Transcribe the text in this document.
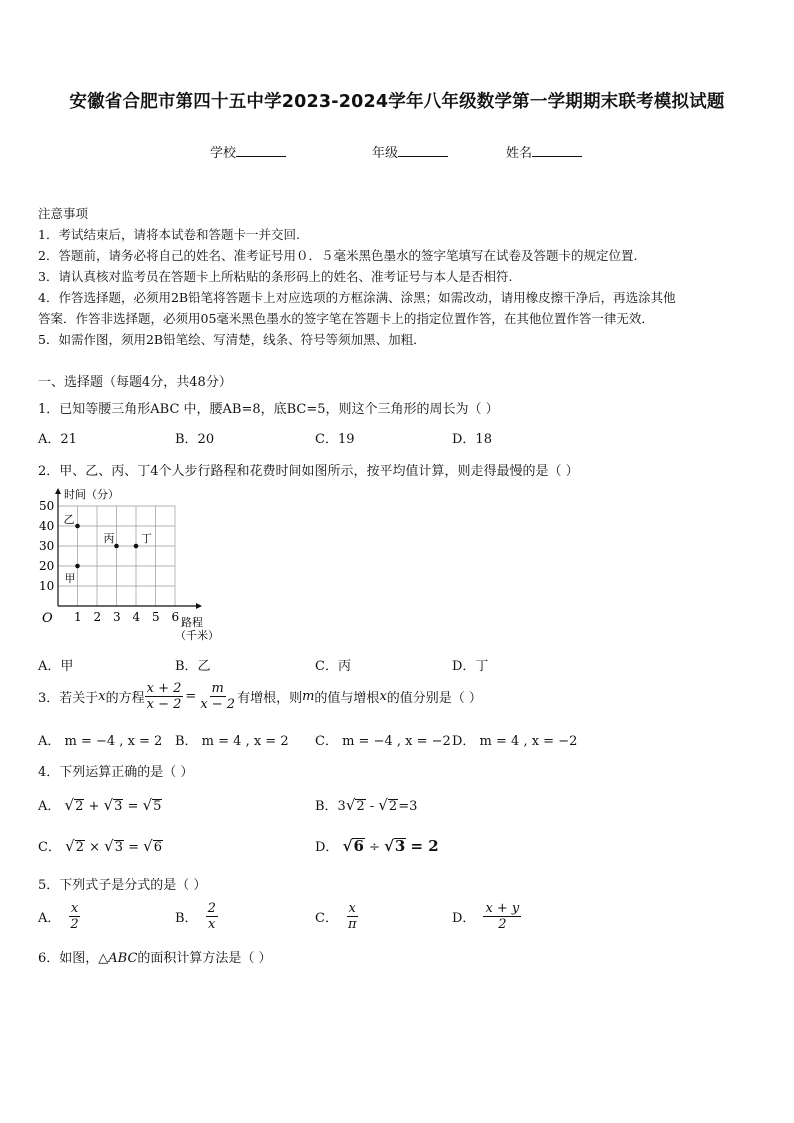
安徽省合肥市第四十五中学2023-2024学年八年级数学第一学期期末联考模拟试题
学校	年级	姓名
注意事项
1．考试结束后，请将本试卷和答题卡一并交回.
2．答题前，请务必将自己的姓名、准考证号用０．５毫米黑色墨水的签字笔填写在试卷及答题卡的规定位置.
3．请认真核对监考员在答题卡上所粘贴的条形码上的姓名、准考证号与本人是否相符.
4．作答选择题，必须用2B铅笔将答题卡上对应选项的方框涂满、涂黑；如需改动，请用橡皮擦干净后，再选涂其他
答案．作答非选择题，必须用05毫米黑色墨水的签字笔在答题卡上的指定位置作答，在其他位置作答一律无效．
5．如需作图，须用2B铅笔绘、写清楚，线条、符号等须加黑、加粗．
一、选择题（每题4分，共48分）
1．已知等腰三角形ABC 中，腰AB=8，底BC=5，则这个三角形的周长为（ ）
A．21	B．20	C．19	D．18
2．甲、乙、丙、丁4个人步行路程和花费时间如图所示，按平均值计算，则走得最慢的是（ ）
时间（分）
路程
（千米）
O 1 2 3 4 5 6
10
20
30
40
50
甲
乙
丙 丁
A．甲	B．乙	C．丙	D．丁
3．若关于 x 的方程 $\frac{x + 2}{x - 2} = \frac{m}{x - 2}$ 有增根，则 m 的值与增根 x 的值分别是（ ）
A． m = −4 , x = 2 B． m = 4 , x = 2 C． m = −4 , x = −2 D． m = 4 , x = −2
4．下列运算正确的是（ ）
A． √2 + √3 = √5	B．3√2 - √2=3
C． √2 × √3 = √6	D． √6 ÷ √3 = 2
5．下列式子是分式的是（ ）
A． $\frac{x}{2}$	B． $\frac{2}{x}$	C． $\frac{x}{\pi}$	D． $\frac{x + y}{2}$
6．如图，△ABC的面积计算方法是（ ）
